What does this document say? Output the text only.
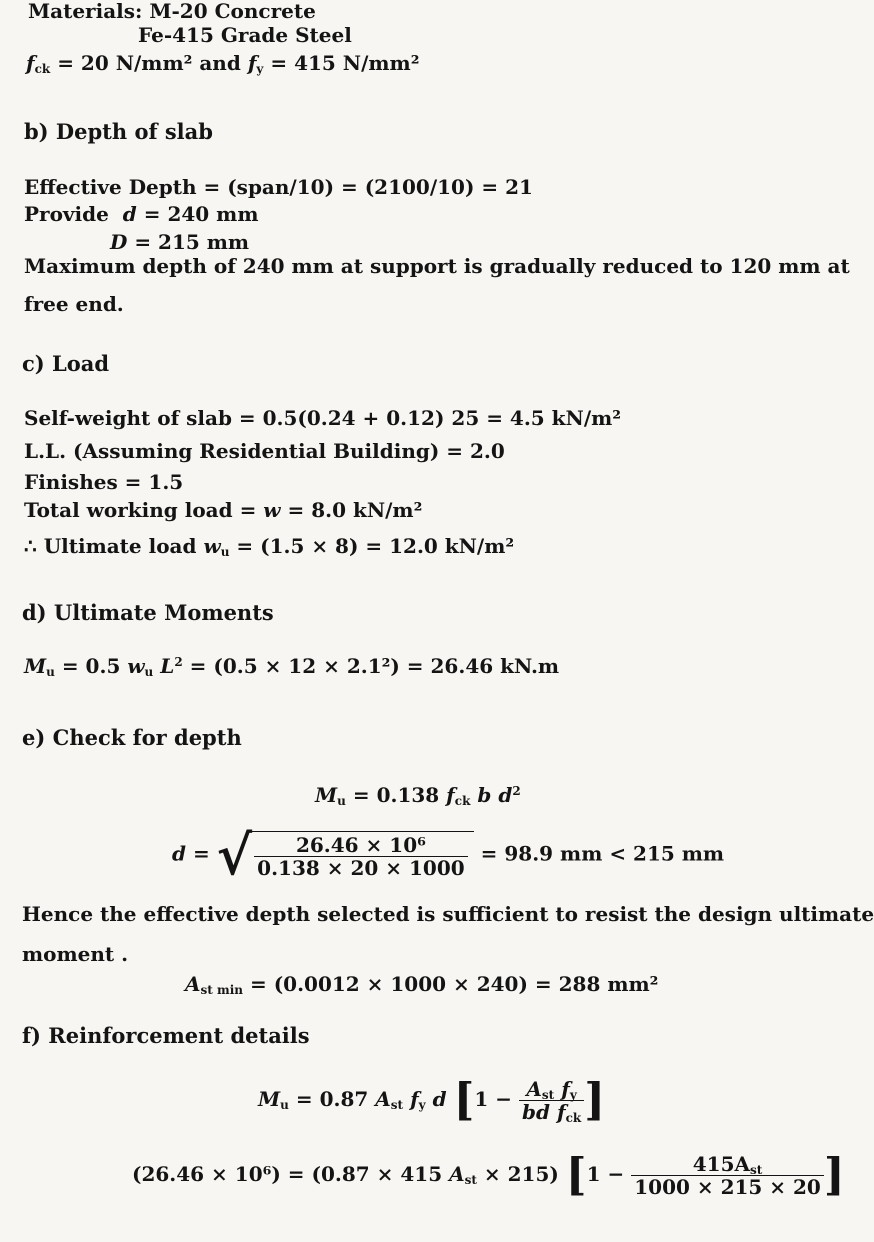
Materials: M-20 Concrete
Fe-415 Grade Steel
$f_{ck} = 20$ N/mm² and $f_y = 415$ N/mm²
b) Depth of slab
Effective Depth = (span/10) = (2100/10) = 21
Provide d = 240 mm
D = 215 mm
Maximum depth of 240 mm at support is gradually reduced to 120 mm at
free end.
c) Load
Self-weight of slab = 0.5(0.24 + 0.12) 25 = 4.5 kN/m²
L.L. (Assuming Residential Building) = 2.0
Finishes = 1.5
Total working load = w = 8.0 kN/m²
∴ Ultimate load $w_u = (1.5 \times 8) = 12.0$ kN/m²
d) Ultimate Moments
$M_u = 0.5$ $w_u$ $L^2 = (0.5 \times 12 \times 2.1^2) = 26.46$ kN.m
e) Check for depth
$M_u = 0.138$ $f_{ck}$ b $d^2$
d = √ $\frac{\text{26.46 × 10⁶}}{0.138 \times 20 \times 1000} = 98.9$ mm < 215 mm
Hence the effective depth selected is sufficient to resist the design ultimate
moment .
$A_{st min} = (0.0012 \times 1000 \times 240) = 288$ mm²
f) Reinforcement details
$M_u = 0.87$ $A_{st}$ $f_y$ d [$1 - \frac{A_{st} f_y}{bd f_{ck}}$ ]
(26.46 × 10⁶) = (0.87 × 415 $A_{st} \times 215$) [$1 - \frac{415A_{st}}{1000 \times 215 \times 20}$ ]
